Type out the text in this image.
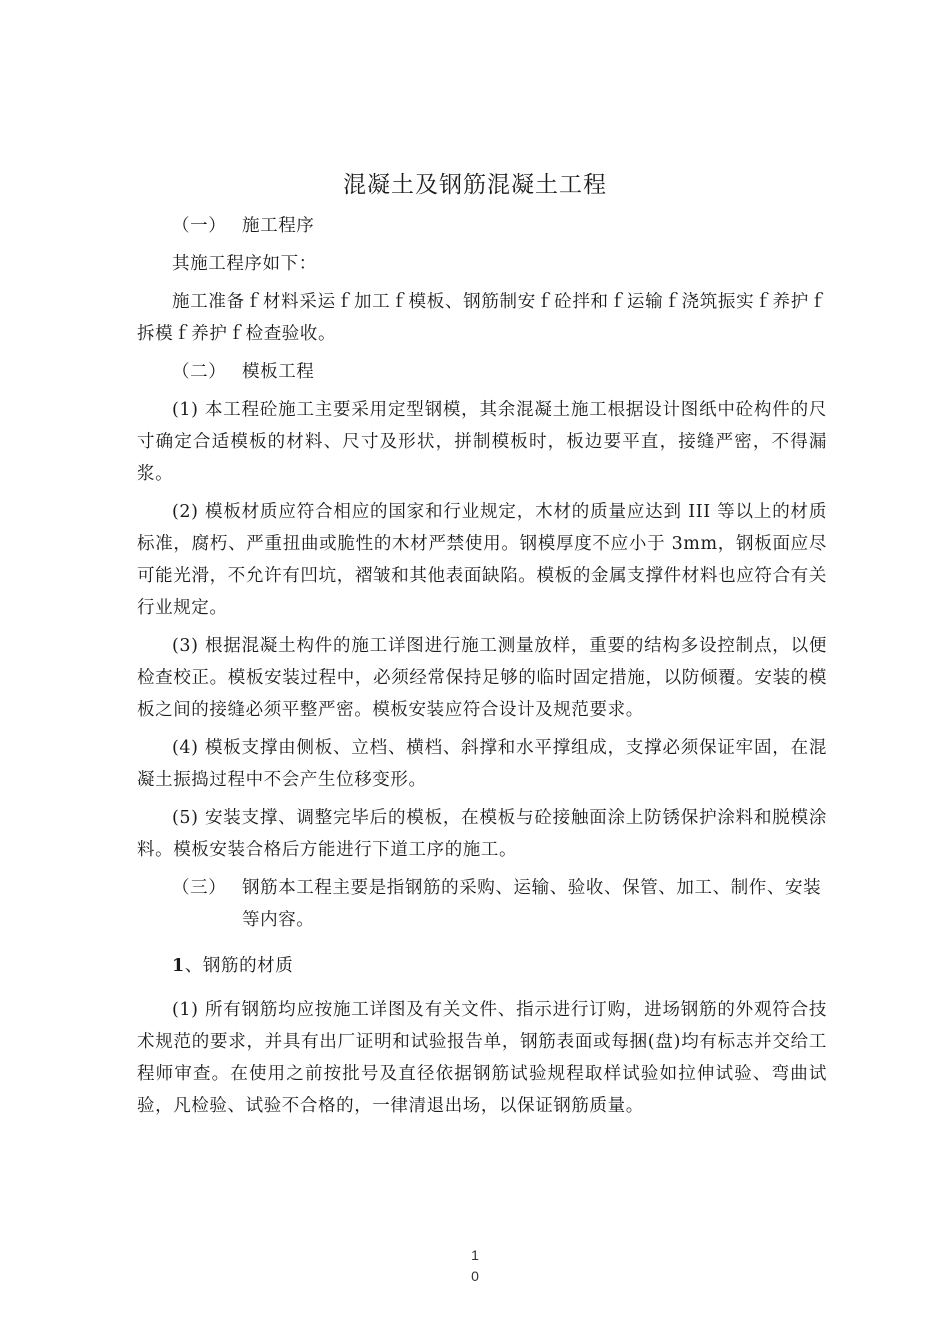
混凝土及钢筋混凝土工程
（一） 施工程序

其施工程序如下：

施工准备ｆ材料采运ｆ加工ｆ模板、钢筋制安ｆ砼拌和ｆ运输ｆ浇筑振实ｆ养护ｆ拆模ｆ养护ｆ检查验收。

（二） 模板工程

(1) 本工程砼施工主要采用定型钢模，其余混凝土施工根据设计图纸中砼构件的尺寸确定合适模板的材料、尺寸及形状，拼制模板时，板边要平直，接缝严密，不得漏浆。

(2) 模板材质应符合相应的国家和行业规定，木材的质量应达到 III 等以上的材质标准，腐朽、严重扭曲或脆性的木材严禁使用。钢模厚度不应小于 3mm，钢板面应尽可能光滑，不允许有凹坑，褶皱和其他表面缺陷。模板的金属支撑件材料也应符合有关行业规定。

(3) 根据混凝土构件的施工详图进行施工测量放样，重要的结构多设控制点，以便检查校正。模板安装过程中，必须经常保持足够的临时固定措施，以防倾覆。安装的模板之间的接缝必须平整严密。模板安装应符合设计及规范要求。

(4) 模板支撑由侧板、立档、横档、斜撑和水平撑组成，支撑必须保证牢固，在混凝土振捣过程中不会产生位移变形。

(5) 安装支撑、调整完毕后的模板，在模板与砼接触面涂上防锈保护涂料和脱模涂料。模板安装合格后方能进行下道工序的施工。

（三） 钢筋本工程主要是指钢筋的采购、运输、验收、保管、加工、制作、安装等内容。
1、钢筋的材质

(1) 所有钢筋均应按施工详图及有关文件、指示进行订购，进场钢筋的外观符合技术规范的要求，并具有出厂证明和试验报告单，钢筋表面或每捆(盘)均有标志并交给工程师审查。在使用之前按批号及直径依据钢筋试验规程取样试验如拉伸试验、弯曲试验，凡检验、试验不合格的，一律清退出场，以保证钢筋质量。

1
0
